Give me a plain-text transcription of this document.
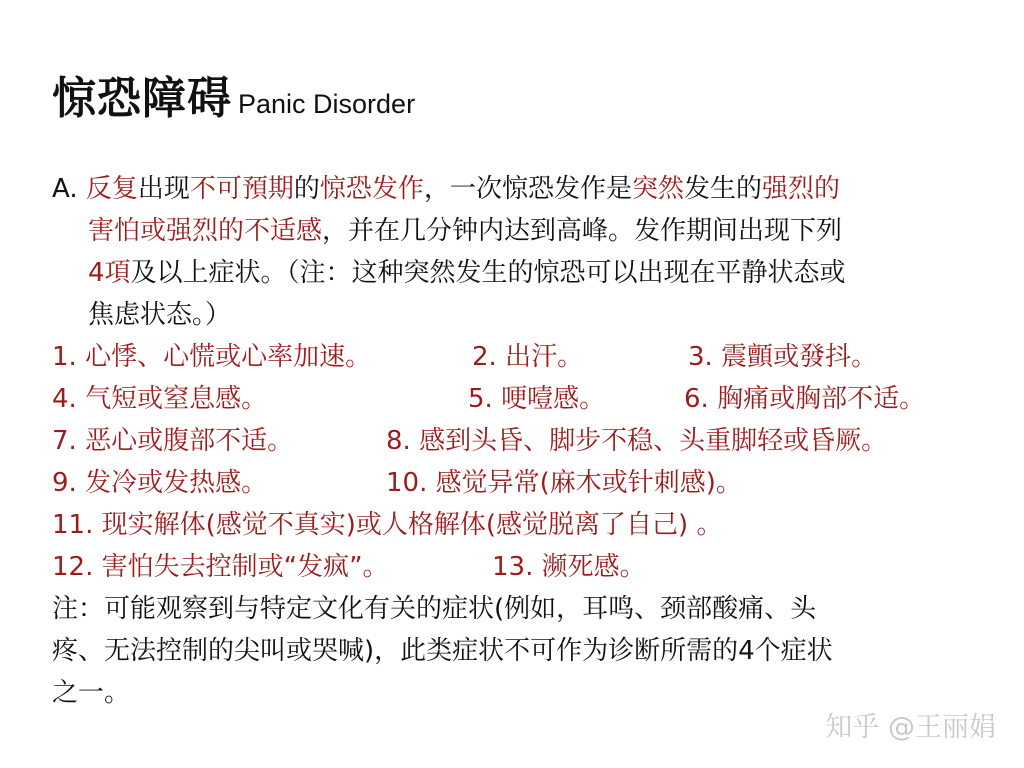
惊恐障碍 Panic Disorder
A. 反复出现不可預期的惊恐发作，一次惊恐发作是突然发生的强烈的
害怕或强烈的不适感，并在几分钟内达到高峰。发作期间出现下列
4項及以上症状。（注：这种突然发生的惊恐可以出现在平静状态或
焦虑状态。）
1. 心悸、心慌或心率加速。	2. 出汗。	3. 震顫或發抖。
4. 气短或窒息感。	5. 哽噎感。	6. 胸痛或胸部不适。
7. 恶心或腹部不适。	8. 感到头昏、脚步不稳、头重脚轻或昏厥。
9. 发冷或发热感。	10. 感觉异常(麻木或针刺感)。
11. 现实解体(感觉不真实)或人格解体(感觉脱离了自己) 。
12. 害怕失去控制或“发疯”。	13. 濒死感。
注：可能观察到与特定文化有关的症状(例如，耳鸣、颈部酸痛、头
疼、无法控制的尖叫或哭喊)，此类症状不可作为诊断所需的4个症状
之一。
知乎 @王丽娟
